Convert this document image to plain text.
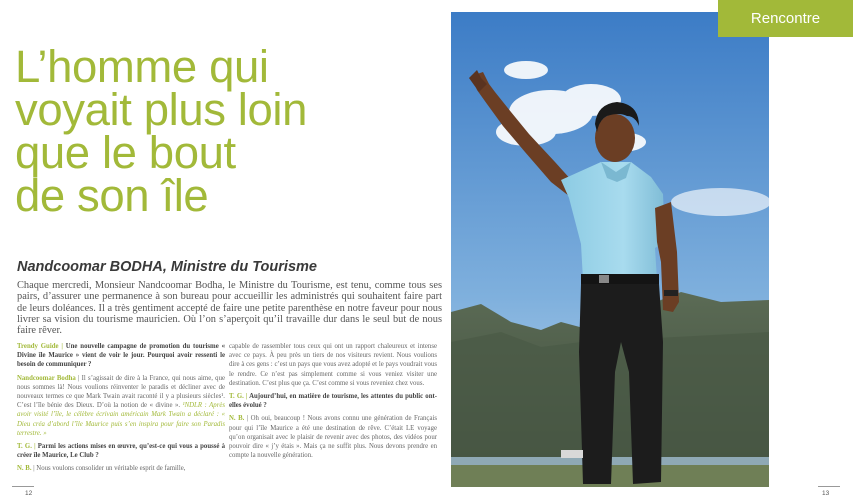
L’homme qui
voyait plus loin
que le bout
de son île
Nandcoomar BODHA, Ministre du Tourisme

Chaque mercredi, Monsieur Nandcoomar Bodha, le Ministre du Tourisme, est tenu, comme tous ses pairs, d’assurer une permanence à son bureau pour accueillir les administrés qui souhaitent faire part de leurs doléances. Il a très gentiment accepté de faire une petite parenthèse en notre faveur pour nous livrer sa vision du tourisme mauricien. Où l’on s’aperçoit qu’il travaille dur dans le seul but de nous faire rêver.

Trendy Guide | Une nouvelle campagne de promotion du tourisme « Divine île Maurice » vient de voir le jour. Pourquoi avoir ressenti le besoin de communiquer ?

Nandcoomar Bodha | Il s’agissait de dire à la France, qui nous aime, que nous sommes là! Nous voulions réinventer le paradis et décliner avec de nouveaux termes ce que Mark Twain avait raconté il y a plusieurs siècles¹. C’est l’île bénie des Dieux. D’où la notion de « divine ». ¹NDLR : Après avoir visité l’île, le célèbre écrivain américain Mark Twain a déclaré : « Dieu créa d’abord l’île Maurice puis s’en inspira pour faire son Paradis terrestre. »

T. G. | Parmi les actions mises en œuvre, qu’est-ce qui vous a poussé à créer île Maurice, Le Club ?

N. B. | Nous voulons consolider un véritable esprit de famille,

capable de rassembler tous ceux qui ont un rapport chaleureux et intense avec ce pays. À peu près un tiers de nos visiteurs revient. Nous voulions dire à ces gens : c’est un pays que vous avez adopté et le pays voudrait vous le rendre. Ce n’est pas simplement comme si vous veniez visiter une destination. C’est plus que ça. C’est comme si vous reveniez chez vous.

T. G. | Aujourd’hui, en matière de tourisme, les attentes du public ont-elles évolué ?

N. B. | Oh oui, beaucoup ! Nous avons connu une génération de Français pour qui l’île Maurice a été une destination de rêve. C’était LE voyage qu’on organisait avec le plaisir de revenir avec des photos, des vidéos pour pouvoir dire « j’y étais ». Mais ça ne suffit plus. Nous devons prendre en compte la nouvelle génération.

12
Rencontre
13
